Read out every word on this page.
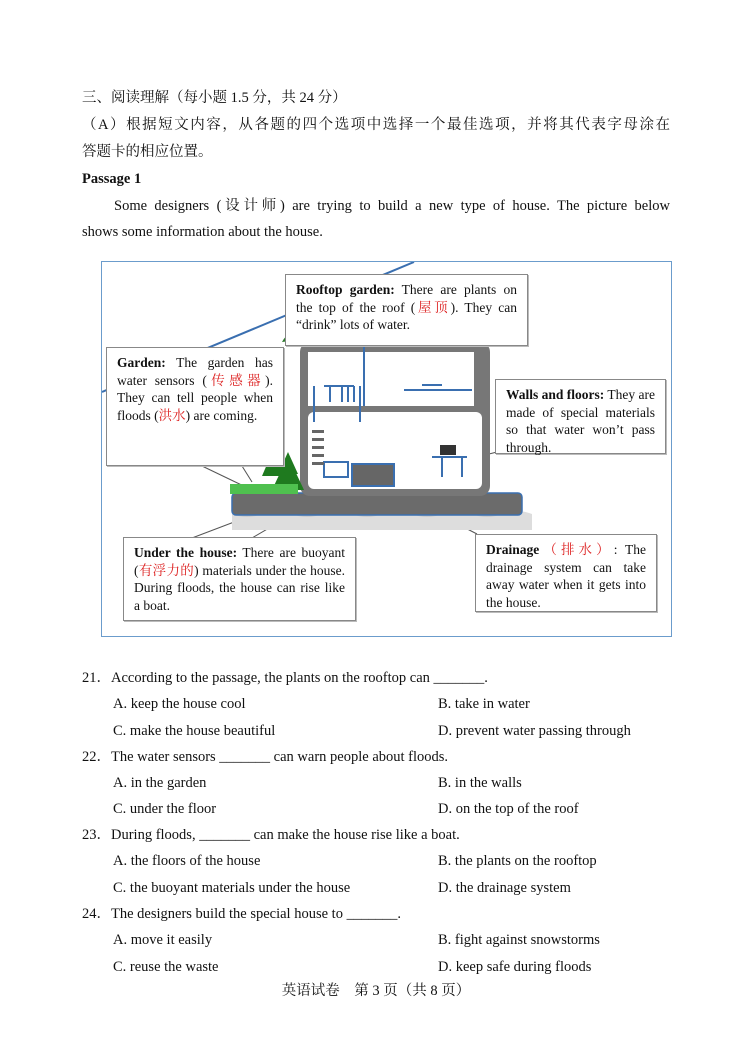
三、阅读理解（每小题 1.5 分，共 24 分）
（A）根据短文内容，从各题的四个选项中选择一个最佳选项，并将其代表字母涂在
答题卡的相应位置。
Passage 1
Some designers (设计师) are trying to build a new type of house. The picture below
shows some information about the house.
Rooftop garden: There are plants on the top of the roof (屋顶). They can “drink” lots of water.
Garden: The garden has water sensors (传感器). They can tell people when floods (洪水) are coming.
Walls and floors: They are made of special materials so that water won’t pass through.
Under the house: There are buoyant (有浮力的) materials under the house. During floods, the house can rise like a boat.
Drainage（排水）: The drainage system can take away water when it gets into the house.
英语试卷　第 3 页（共 8 页）
21．According to the passage, the plants on the rooftop can _______.
A. keep the house cool	B. take in water
C. make the house beautiful	D. prevent water passing through
22．The water sensors _______ can warn people about floods.
A. in the garden	B. in the walls
C. under the floor	D. on the top of the roof
23．During floods, _______ can make the house rise like a boat.
A. the floors of the house	B. the plants on the rooftop
C. the buoyant materials under the house	D. the drainage system
24．The designers build the special house to _______.
A. move it easily	B. fight against snowstorms
C. reuse the waste	D. keep safe during floods
